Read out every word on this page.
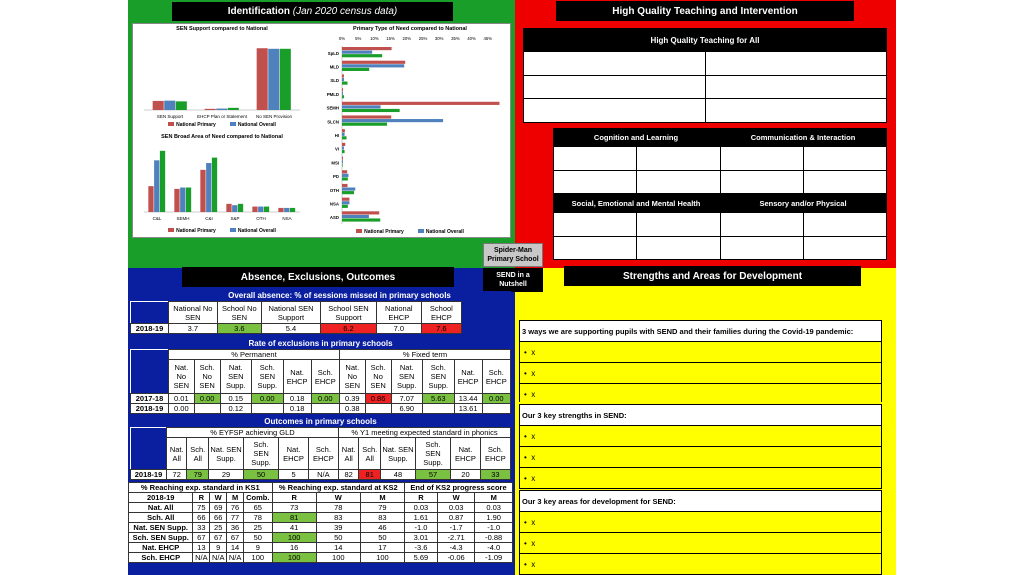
Identification
(Jan 2020 census data)
SEN Support compared to National
SEN Support	EHCP Plan or Statement No SEN Provision
National Primary	National Overall
SEN Broad Area of Need compared to National
C&L	SEMH	C&I	S&P	OTH	NSA
National Primary	National Overall
Primary Type of Need compared to National
0% 5% 10% 15% 20% 25% 30% 35% 40% 45%
SpLD
MLD
SLD
PMLD
SEMH
SLCN
HI
VI
MSI
PD
OTH
NSA
ASD
National Primary	National Overall
High Quality Teaching and Intervention
High Quality Teaching for All
Cognition and Learning	Communication & Interaction
Social, Emotional and Mental Health	Sensory and/or Physical
Spider-Man Primary School
SEND in a Nutshell
Absence, Exclusions, Outcomes
Overall absence: % of sessions missed in primary schools
	National No SEN	School No SEN	National SEN Support	School SEN Support	National EHCP	School EHCP
2018-19	3.7	3.6	5.4	6.2	7.0	7.6
Rate of exclusions in primary schools
	% Permanent						% Fixed term					
	Nat. No SEN	Sch. No SEN	Nat. SEN Supp.	Sch. SEN Supp.	Nat. EHCP	Sch. EHCP	Nat. No SEN	Sch. No SEN	Nat. SEN Supp.	Sch. SEN Supp.	Nat. EHCP	Sch. EHCP
2017-18	0.01	0.00	0.15	0.00	0.18	0.00	0.39	0.86	7.07	5.63	13.44	0.00
2018-19	0.00		0.12		0.18		0.38		6.90		13.61	
Outcomes in primary schools
	% EYFSP achieving GLD						% Y1 meeting expected standard in phonics					
	Nat. All	Sch. All	Nat. SEN Supp.	Sch. SEN Supp.	Nat. EHCP	Sch. EHCP	Nat. All	Sch. All	Nat. SEN Supp.	Sch. SEN Supp.	Nat. EHCP	Sch. EHCP
2018-19	72	79	29	50	5	N/A	82	81	48	57	20	33
% Reaching exp. standard in KS1					% Reaching exp. standard at KS2			End of KS2 progress score		
2018-19	R	W	M	Comb.	R	W	M	R	W	M
Nat. All	75	69	76	65	73	78	79	0.03	0.03	0.03
Sch. All	66	66	77	78	81	83	83	1.61	0.87	1.90
Nat. SEN Supp.	33	25	36	25	41	39	46	-1.0	-1.7	-1.0
Sch. SEN Supp.	67	67	67	50	100	50	50	3.01	-2.71	-0.88
Nat. EHCP	13	9	14	9	16	14	17	-3.6	-4.3	-4.0
Sch. EHCP	N/A	N/A	N/A	100	100	100	100	5.69	-0.06	-1.09
Strengths and Areas for Development
3 ways we are supporting pupils with SEND and their families during the Covid-19 pandemic:
•
x
•
x
•
x
Our 3 key strengths in SEND:
•
x
•
x
•
x
Our 3 key areas for development for SEND:
•
x
•
x
•
x
